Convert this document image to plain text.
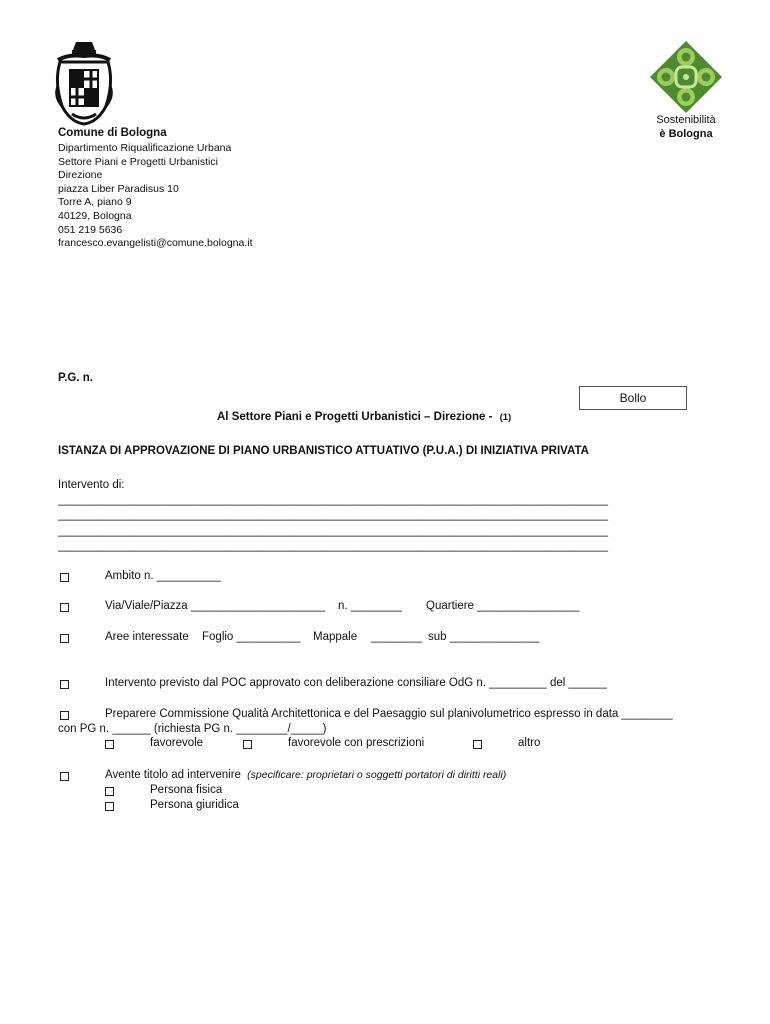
Comune di Bologna
Dipartimento Riqualificazione Urbana
Settore Piani e Progetti Urbanistici
Direzione
piazza Liber Paradisus 10
Torre A, piano 9
40129, Bologna
051 219 5636
francesco.evangelisti@comune.bologna.it
Sostenibilità
è Bologna
P.G. n.
Bollo
Al Settore Piani e Progetti Urbanistici – Direzione - (1)
ISTANZA DI APPROVAZIONE DI PIANO URBANISTICO ATTUATIVO (P.U.A.) DI INIZIATIVA PRIVATA
Intervento di:
______________________________________________________________________________________
______________________________________________________________________________________
______________________________________________________________________________________
______________________________________________________________________________________
Ambito n. __________
Via/Viale/Piazza _____________________ n. ________ Quartiere ________________
Aree interessate Foglio __________ Mappale ________ sub ______________
Intervento previsto dal POC approvato con deliberazione consiliare OdG n. _________ del ______
Preparere Commissione Qualità Architettonica e del Paesaggio sul planivolumetrico espresso in data ________
con PG n. ______ (richiesta PG n. ________/_____)
favorevole	favorevole con prescrizioni	altro
Avente titolo ad intervenire (specificare: proprietari o soggetti portatori di diritti reali)
Persona fisica
Persona giuridica
